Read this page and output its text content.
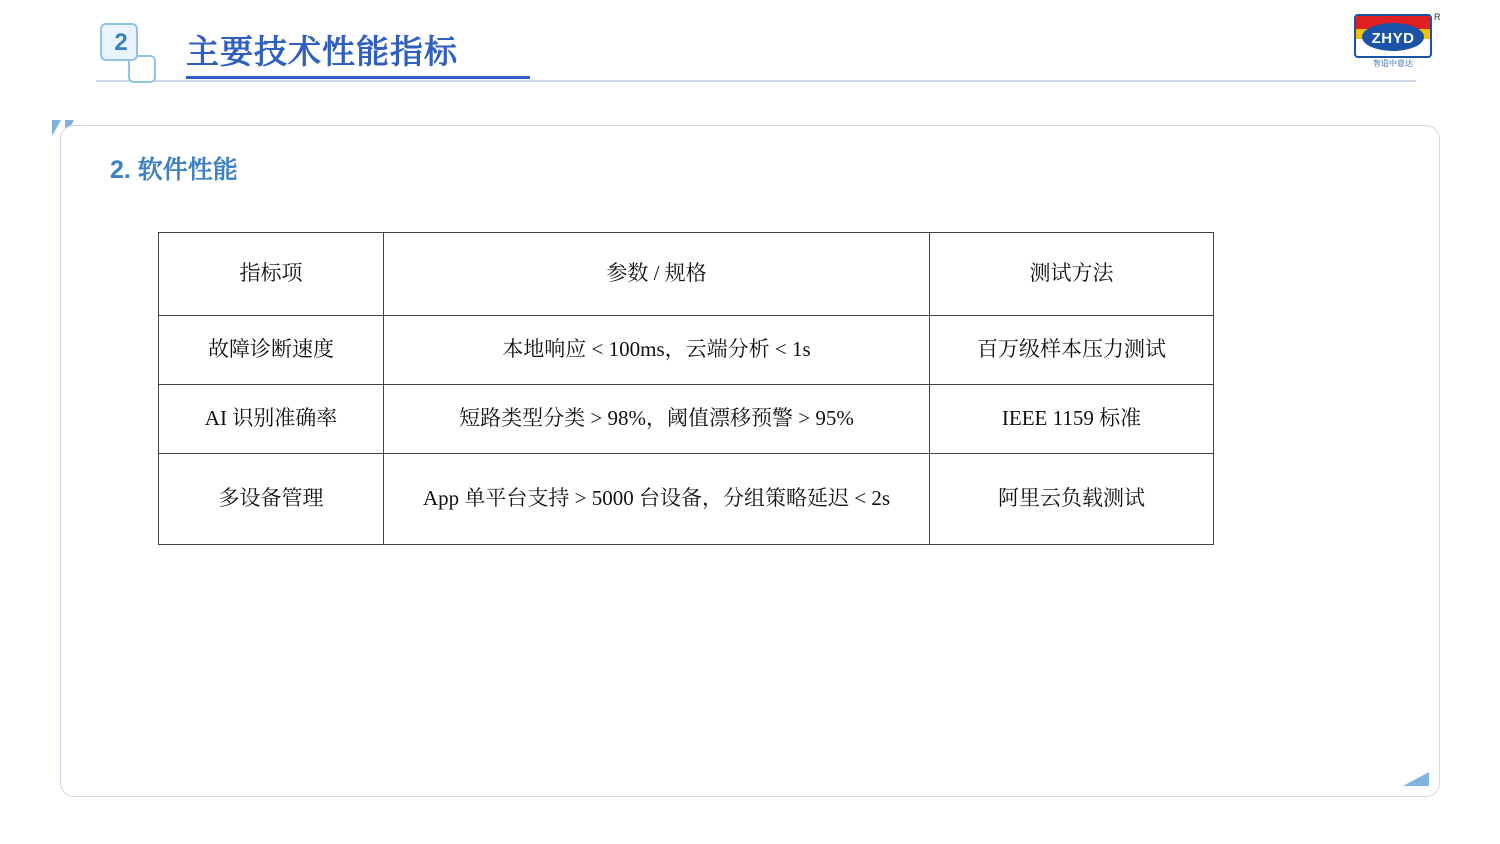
2	主要技术性能指标	ZHYD
智造中意达
R
2. 软件性能
指标项	参数 / 规格	测试方法
故障诊断速度	本地响应 < 100ms，云端分析 < 1s	百万级样本压力测试
AI 识别准确率	短路类型分类 > 98%，阈值漂移预警 > 95%	IEEE 1159 标准
多设备管理	App 单平台支持 > 5000 台设备，分组策略延迟 < 2s	阿里云负载测试
